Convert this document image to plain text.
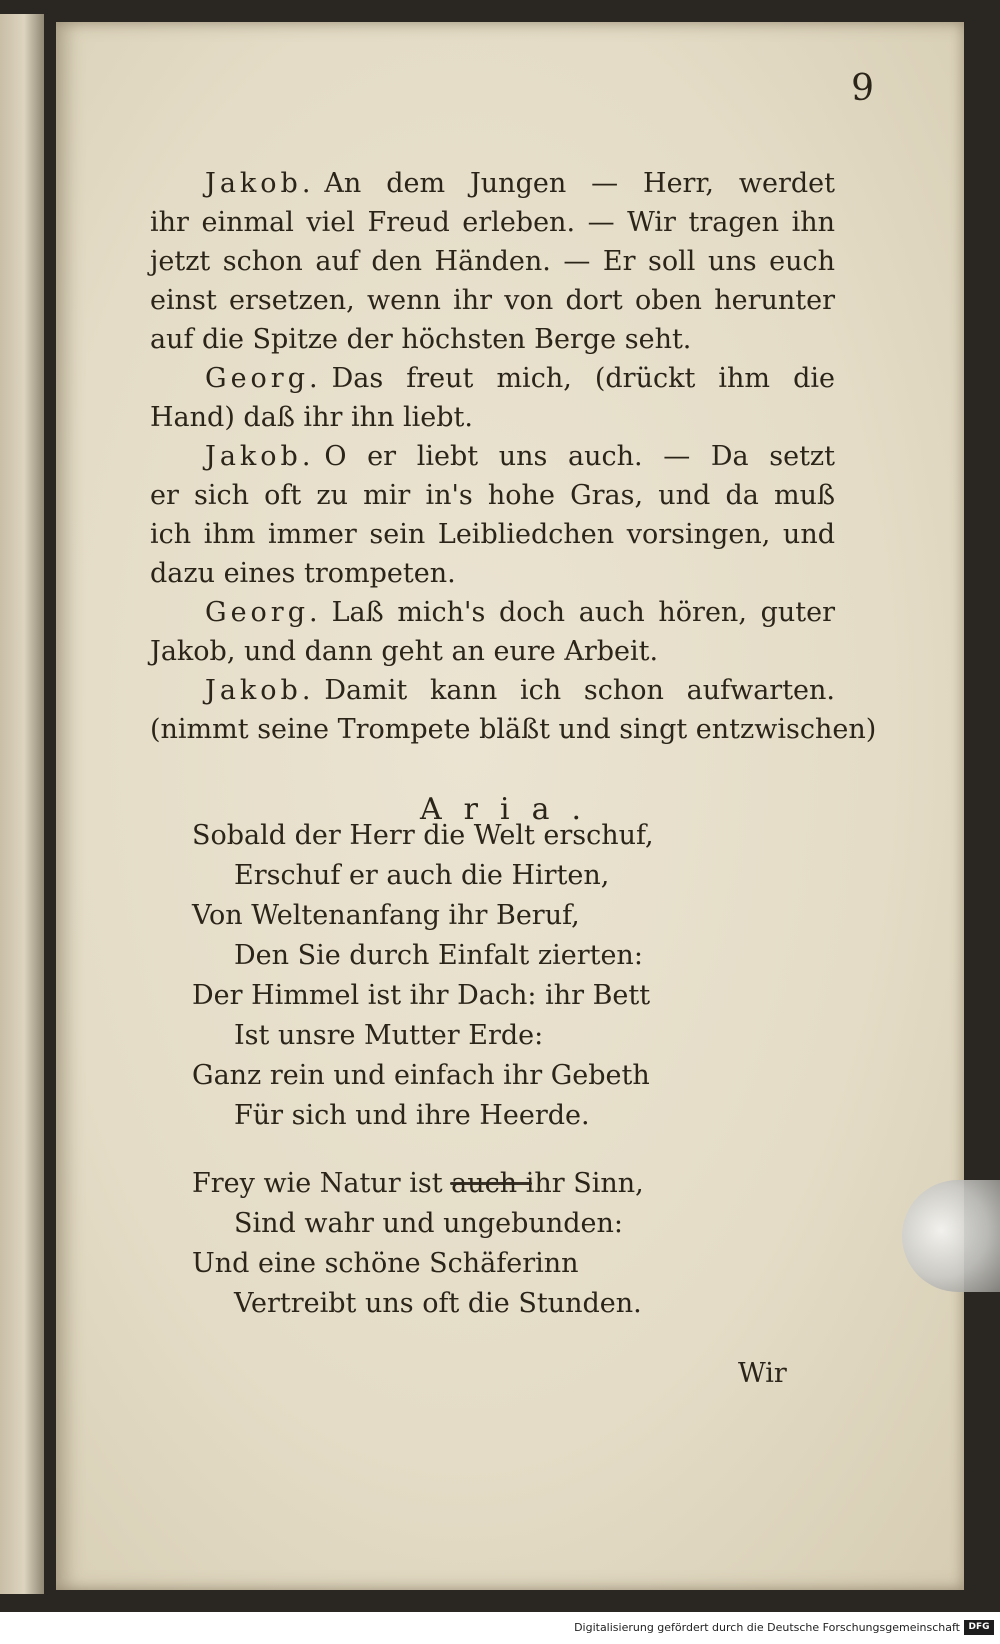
9
Jakob. An dem Jungen — Herr, werdet
ihr einmal viel Freud erleben. — Wir tragen ihn
jetzt schon auf den Händen. — Er soll uns euch
einst ersetzen, wenn ihr von dort oben herunter
auf die Spitze der höchsten Berge seht.
Georg. Das freut mich, (drückt ihm die
Hand) daß ihr ihn liebt.
Jakob. O er liebt uns auch. — Da setzt
er sich oft zu mir in's hohe Gras, und da muß
ich ihm immer sein Leibliedchen vorsingen, und
dazu eines trompeten.
Georg. Laß mich's doch auch hören, guter
Jakob, und dann geht an eure Arbeit.
Jakob. Damit kann ich schon aufwarten.
(nimmt seine Trompete bläßt und singt entzwischen)
Aria.
Sobald der Herr die Welt erschuf,
Erschuf er auch die Hirten,
Von Weltenanfang ihr Beruf,
Den Sie durch Einfalt zierten:
Der Himmel ist ihr Dach: ihr Bett
Ist unsre Mutter Erde:
Ganz rein und einfach ihr Gebeth
Für sich und ihre Heerde.
Frey wie Natur ist auch ihr Sinn,
Sind wahr und ungebunden:
Und eine schöne Schäferinn
Vertreibt uns oft die Stunden.
Wir
Digitalisierung gefördert durch die Deutsche Forschungsgemeinschaft DFG
